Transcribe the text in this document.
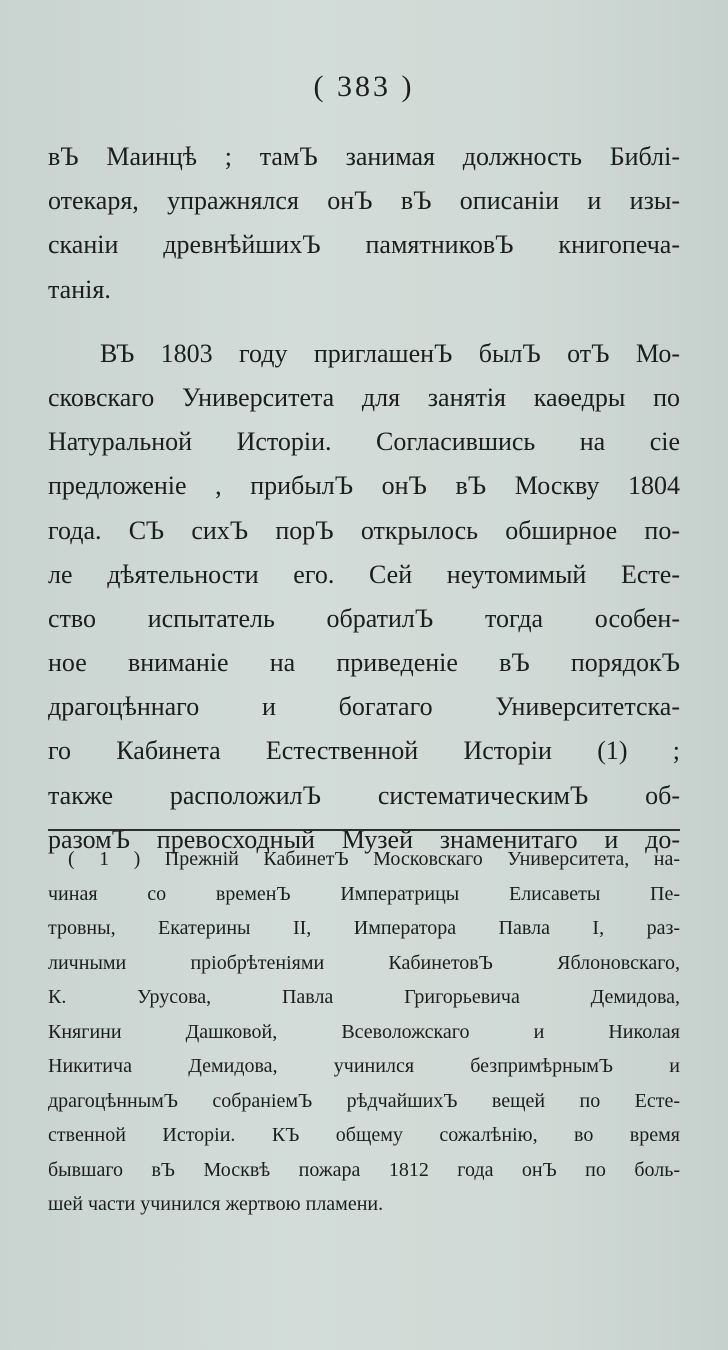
( 383 )
вЪ Маинцѣ ; тамЪ занимая должность Библі-
отекаря, упражнялся онЪ вЪ описаніи и изы-
сканіи древнѣйшихЪ памятниковЪ книгопеча-
танія.
ВЪ 1803 году приглашенЪ былЪ отЪ Мо-
сковскаго Университета для занятія каѳедры по
Натуральной Исторіи. Согласившись на сіе
предложеніе , прибылЪ онЪ вЪ Москву 1804
года. СЪ сихЪ порЪ открылось обширное по-
ле дѣятельности его. Сей неутомимый Есте-
ство испытатель обратилЪ тогда особен-
ное вниманіе на приведеніе вЪ порядокЪ
драгоцѣннаго и богатаго Университетска-
го Кабинета Естественной Исторіи (1) ;
также расположилЪ систематическимЪ об-
разомЪ превосходный Музей знаменитаго и до-
( 1 ) Прежній КабинетЪ Московскаго Университета, на-
чиная со временЪ Императрицы Елисаветы Пе-
тровны, Екатерины II, Императора Павла I, раз-
личными пріобрѣтеніями КабинетовЪ Яблоновскаго,
К. Урусова, Павла Григорьевича Демидова,
Княгини Дашковой, Всеволожскаго и Николая
Никитича Демидова, учинился безпримѣрнымЪ и
драгоцѣннымЪ собраніемЪ рѣдчайшихЪ вещей по Есте-
ственной Исторіи. КЪ общему сожалѣнію, во время
бывшаго вЪ Москвѣ пожара 1812 года онЪ по боль-
шей части учинился жертвою пламени.
